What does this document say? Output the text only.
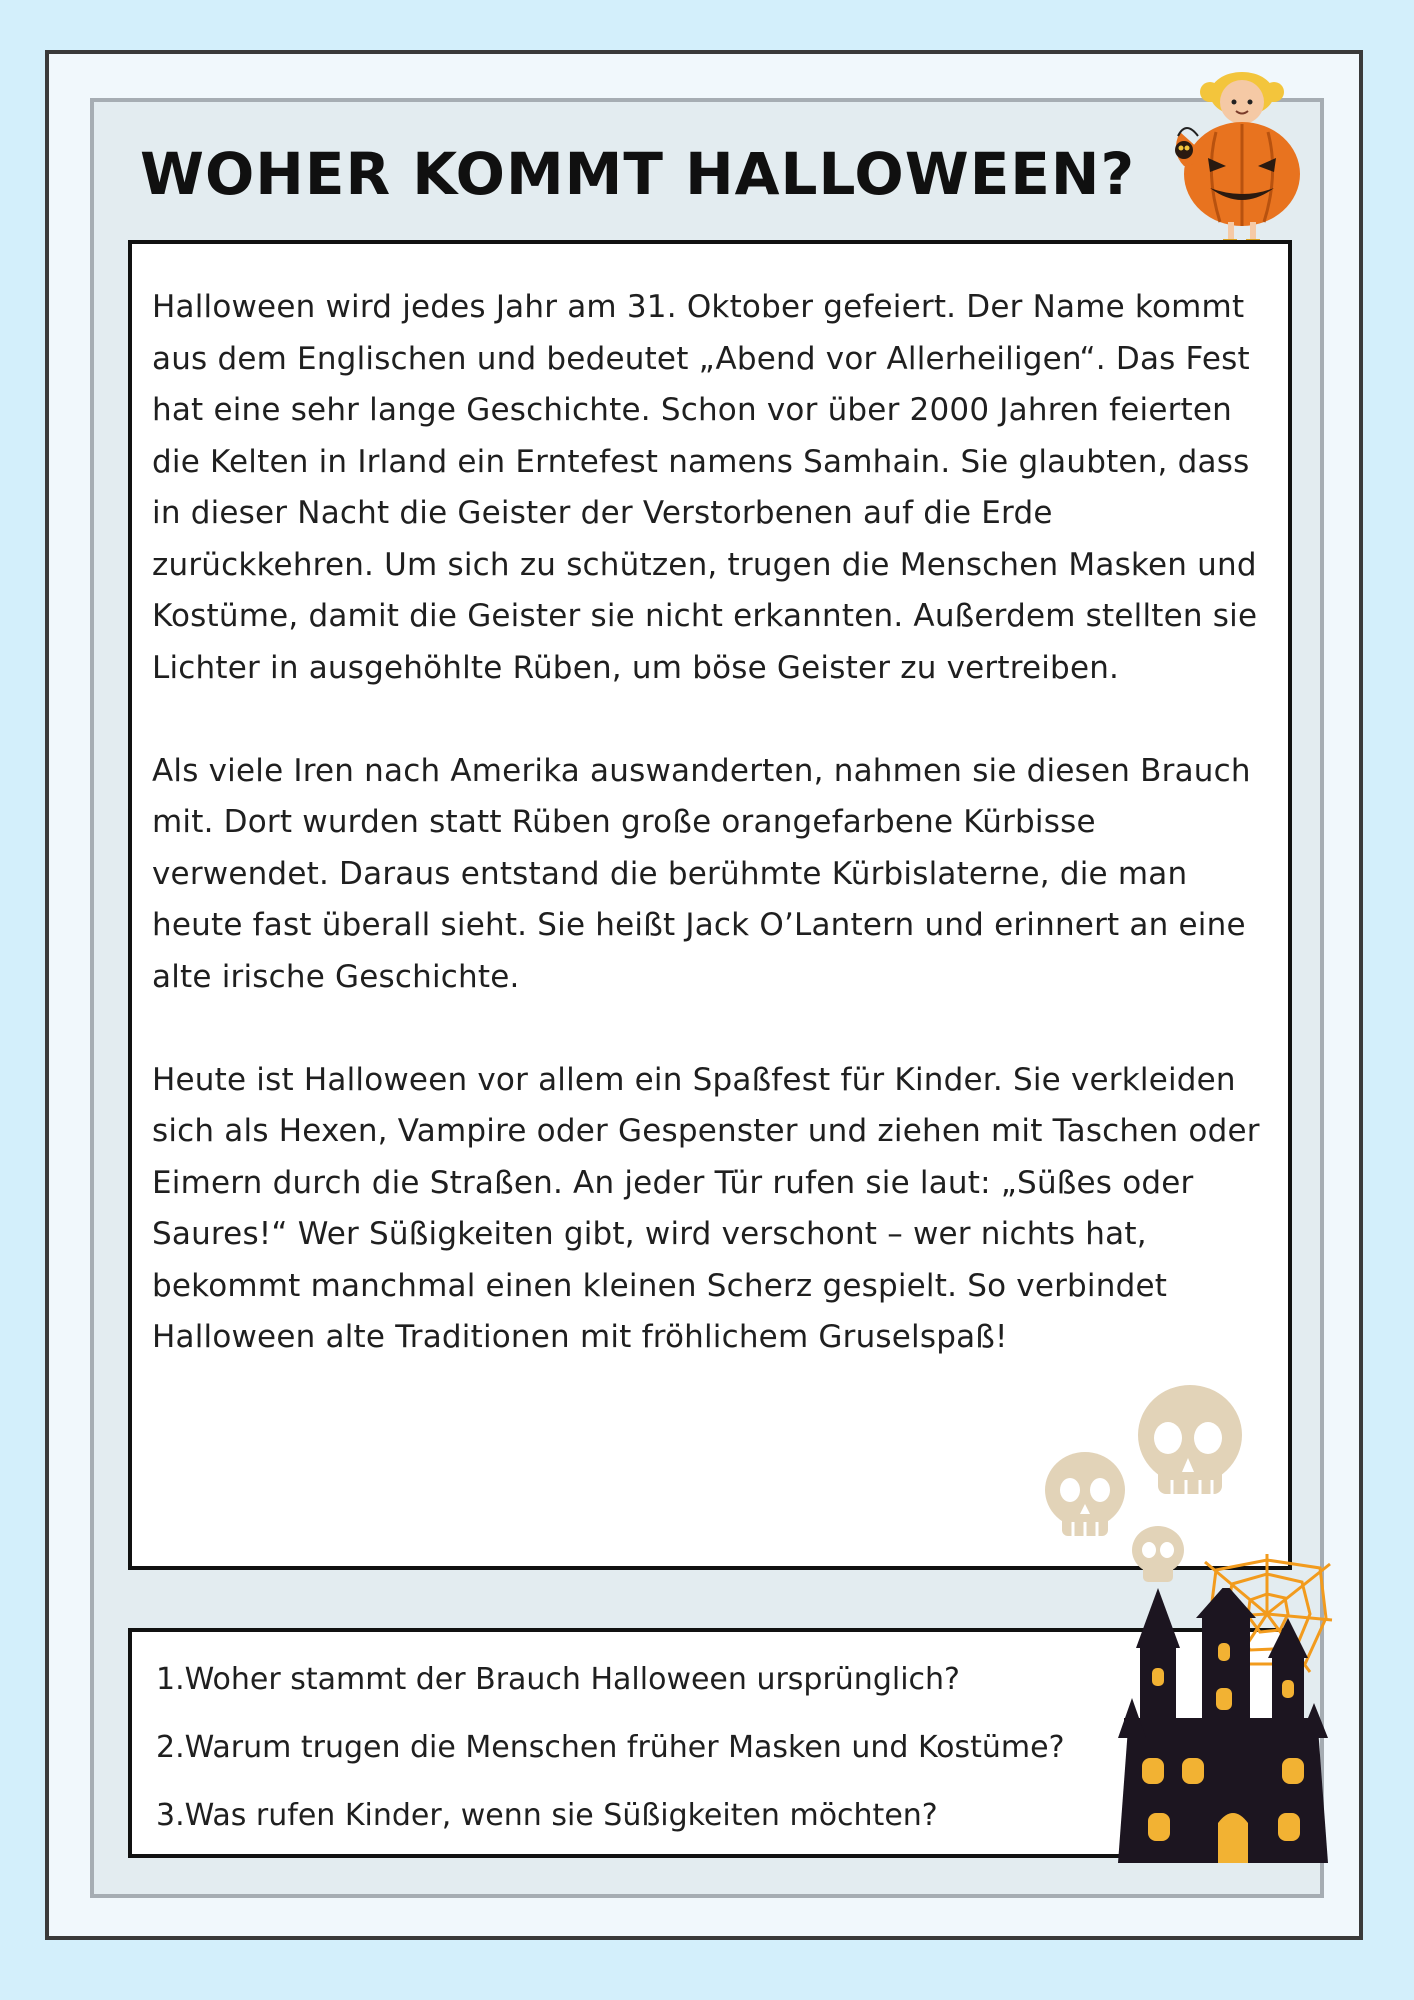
WOHER KOMMT HALLOWEEN?

Halloween wird jedes Jahr am 31. Oktober gefeiert. Der Name kommt aus dem Englischen und bedeutet „Abend vor Allerheiligen“. Das Fest hat eine sehr lange Geschichte. Schon vor über 2000 Jahren feierten die Kelten in Irland ein Erntefest namens Samhain. Sie glaubten, dass in dieser Nacht die Geister der Verstorbenen auf die Erde zurückkehren. Um sich zu schützen, trugen die Menschen Masken und Kostüme, damit die Geister sie nicht erkannten. Außerdem stellten sie Lichter in ausgehöhlte Rüben, um böse Geister zu vertreiben.

Als viele Iren nach Amerika auswanderten, nahmen sie diesen Brauch mit. Dort wurden statt Rüben große orangefarbene Kürbisse verwendet. Daraus entstand die berühmte Kürbislaterne, die man heute fast überall sieht. Sie heißt Jack O’Lantern und erinnert an eine alte irische Geschichte.

Heute ist Halloween vor allem ein Spaßfest für Kinder. Sie verkleiden sich als Hexen, Vampire oder Gespenster und ziehen mit Taschen oder Eimern durch die Straßen. An jeder Tür rufen sie laut: „Süßes oder Saures!“ Wer Süßigkeiten gibt, wird verschont – wer nichts hat, bekommt manchmal einen kleinen Scherz gespielt. So verbindet Halloween alte Traditionen mit fröhlichem Gruselspaß!

1.Woher stammt der Brauch Halloween ursprünglich?

2.Warum trugen die Menschen früher Masken und Kostüme?

3.Was rufen Kinder, wenn sie Süßigkeiten möchten?
